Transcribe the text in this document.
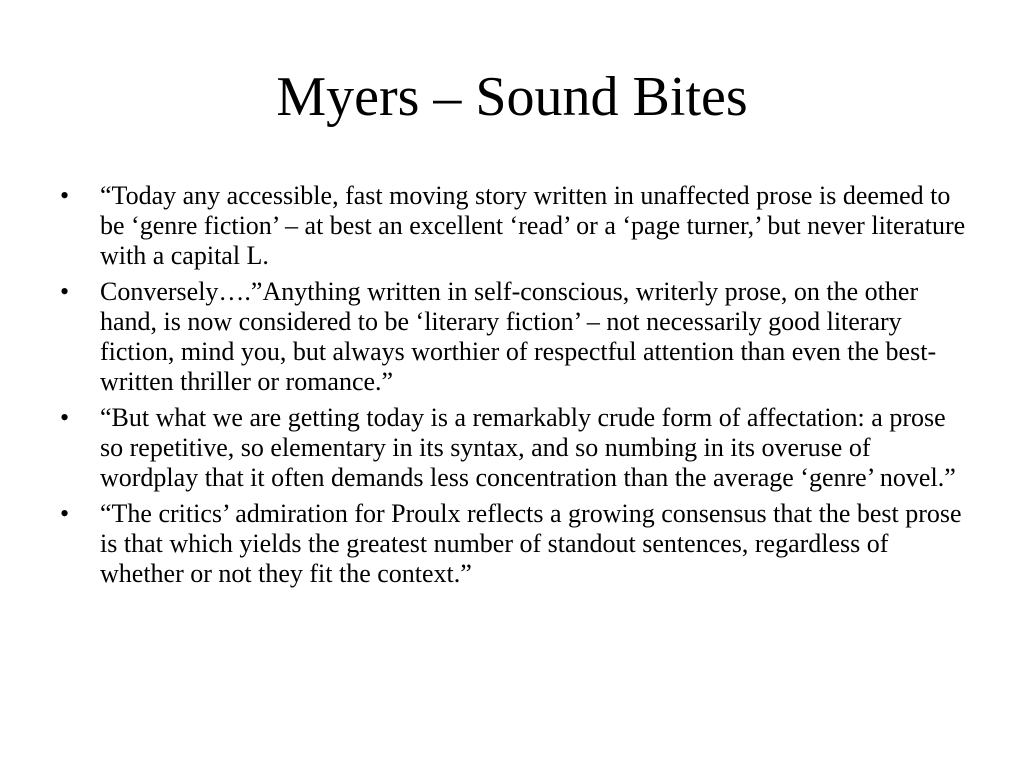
Myers – Sound Bites
• “Today any accessible, fast moving story written in unaffected prose is deemed to be ‘genre fiction’ – at best an excellent ‘read’ or a ‘page turner,’ but never literature with a capital L.
• Conversely….”Anything written in self-conscious, writerly prose, on the other hand, is now considered to be ‘literary fiction’ – not necessarily good literary fiction, mind you, but always worthier of respectful attention than even the best-written thriller or romance.”
• “But what we are getting today is a remarkably crude form of affectation: a prose so repetitive, so elementary in its syntax, and so numbing in its overuse of wordplay that it often demands less concentration than the average ‘genre’ novel.”
• “The critics’ admiration for Proulx reflects a growing consensus that the best prose is that which yields the greatest number of standout sentences, regardless of whether or not they fit the context.”
